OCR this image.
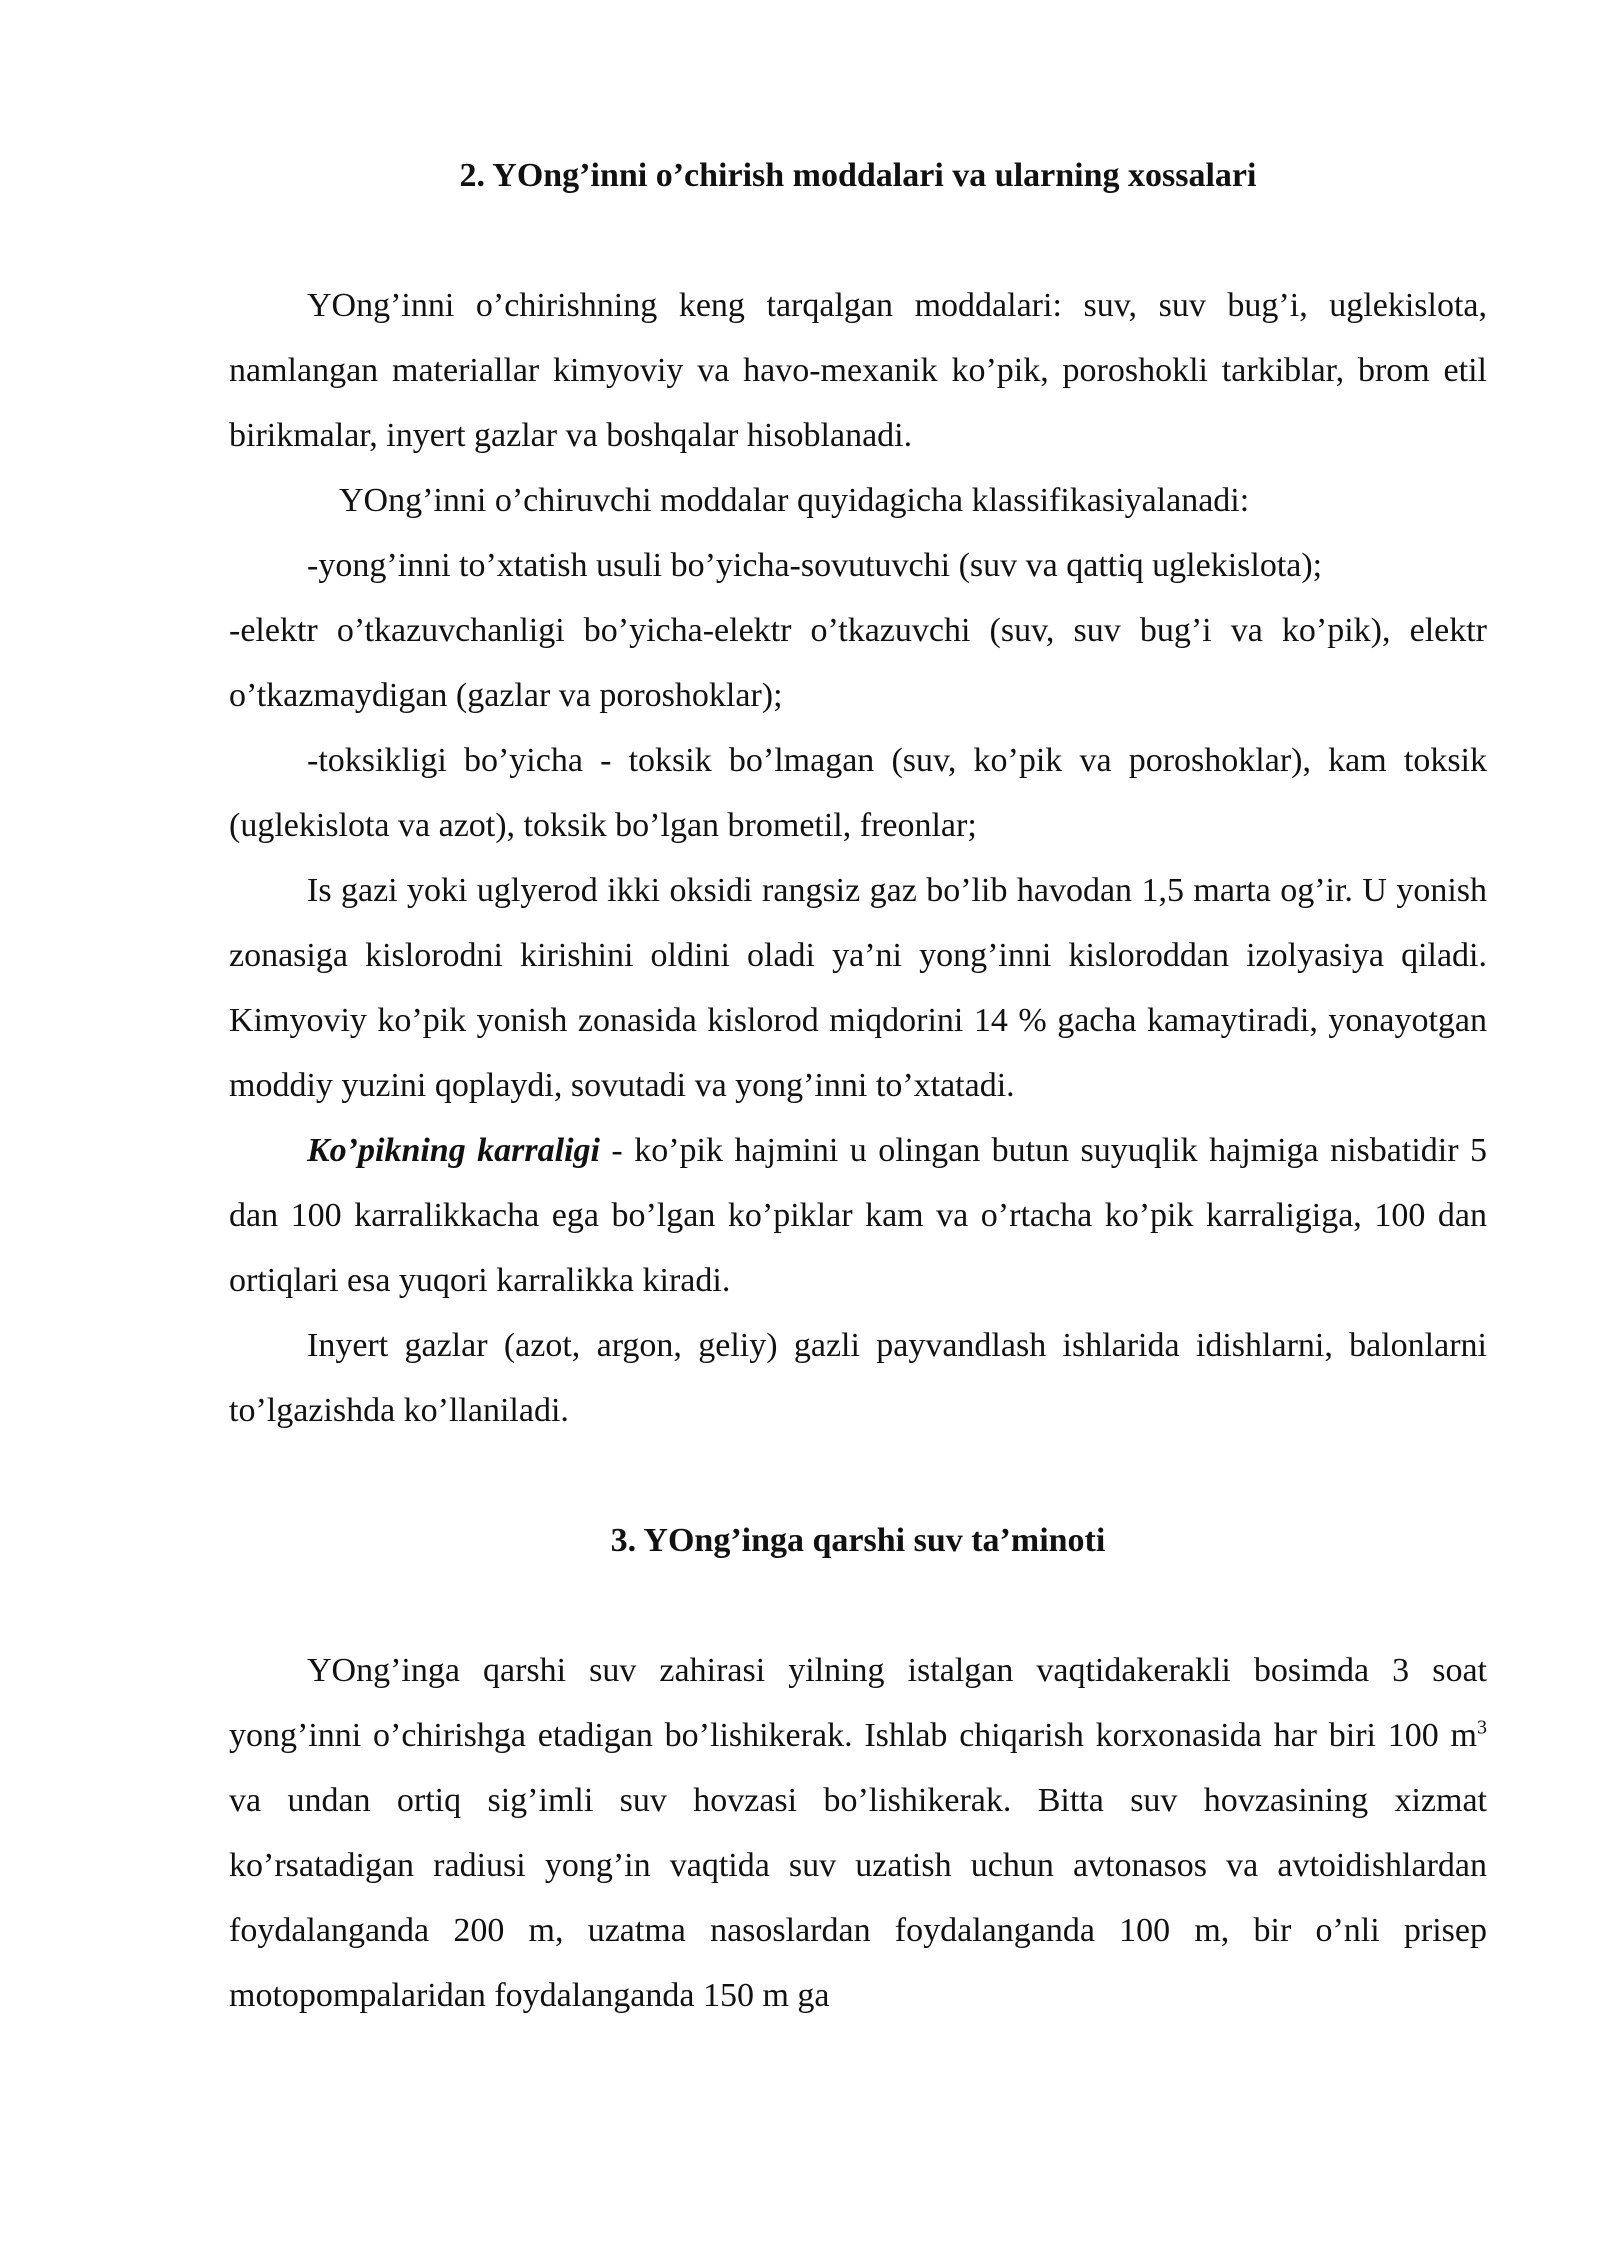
2. YOng’inni o’chirish moddalari va ularning xossalari

YOng’inni o’chirishning keng tarqalgan moddalari: suv, suv bug’i, uglekislota, namlangan materiallar kimyoviy va havo-mexanik ko’pik, poroshokli tarkiblar, brom etil birikmalar, inyert gazlar va boshqalar hisoblanadi.

YOng’inni o’chiruvchi moddalar quyidagicha klassifikasiyalanadi:

-yong’inni to’xtatish usuli bo’yicha-sovutuvchi (suv va qattiq uglekislota);

-elektr o’tkazuvchanligi bo’yicha-elektr o’tkazuvchi (suv, suv bug’i va ko’pik), elektr o’tkazmaydigan (gazlar va poroshoklar);

-toksikligi bo’yicha - toksik bo’lmagan (suv, ko’pik va poroshoklar), kam toksik (uglekislota va azot), toksik bo’lgan brometil, freonlar;

Is gazi yoki uglyerod ikki oksidi rangsiz gaz bo’lib havodan 1,5 marta og’ir. U yonish zonasiga kislorodni kirishini oldini oladi ya’ni yong’inni kisloroddan izolyasiya qiladi. Kimyoviy ko’pik yonish zonasida kislorod miqdorini 14 % gacha kamaytiradi, yonayotgan moddiy yuzini qoplaydi, sovutadi va yong’inni to’xtatadi.

Ko’pikning karraligi - ko’pik hajmini u olingan butun suyuqlik hajmiga nisbatidir 5 dan 100 karralikkacha ega bo’lgan ko’piklar kam va o’rtacha ko’pik karraligiga, 100 dan ortiqlari esa yuqori karralikka kiradi.

Inyert gazlar (azot, argon, geliy) gazli payvandlash ishlarida idishlarni, balonlarni to’lgazishda ko’llaniladi.

3. YOng’inga qarshi suv ta’minoti

YOng’inga qarshi suv zahirasi yilning istalgan vaqtidakerakli bosimda 3 soat yong’inni o’chirishga etadigan bo’lishikerak. Ishlab chiqarish korxonasida har biri 100 $m^3$ va undan ortiq sig’imli suv hovzasi bo’lishikerak. Bitta suv hovzasining xizmat ko’rsatadigan radiusi yong’in vaqtida suv uzatish uchun avtonasos va avtoidishlardan foydalanganda 200 m, uzatma nasoslardan foydalanganda 100 m, bir o’nli prisep motopompalaridan foydalanganda 150 m ga
